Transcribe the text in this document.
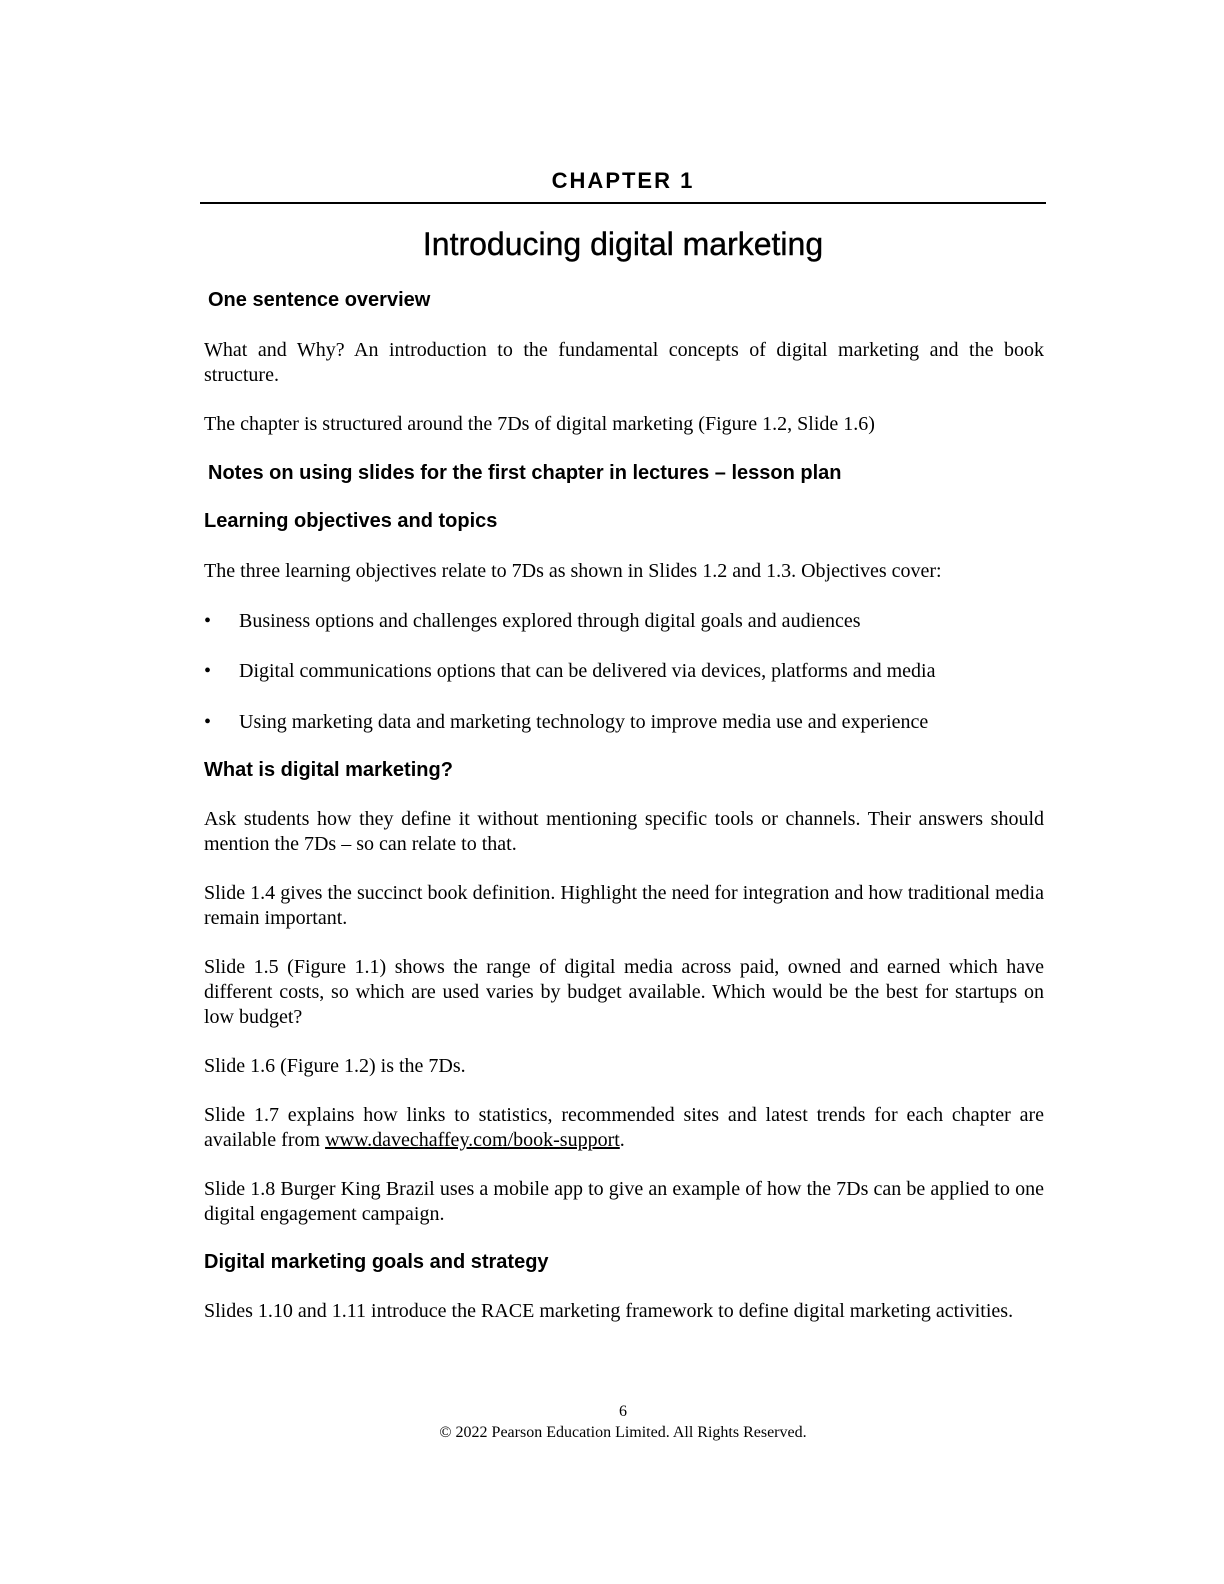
CHAPTER 1
Introducing digital marketing
One sentence overview
What and Why? An introduction to the fundamental concepts of digital marketing and the book structure.
The chapter is structured around the 7Ds of digital marketing (Figure 1.2, Slide 1.6)
Notes on using slides for the first chapter in lectures – lesson plan
Learning objectives and topics
The three learning objectives relate to 7Ds as shown in Slides 1.2 and 1.3. Objectives cover:
• Business options and challenges explored through digital goals and audiences
• Digital communications options that can be delivered via devices, platforms and media
• Using marketing data and marketing technology to improve media use and experience
What is digital marketing?
Ask students how they define it without mentioning specific tools or channels. Their answers should mention the 7Ds – so can relate to that.
Slide 1.4 gives the succinct book definition. Highlight the need for integration and how traditional media remain important.
Slide 1.5 (Figure 1.1) shows the range of digital media across paid, owned and earned which have different costs, so which are used varies by budget available. Which would be the best for startups on low budget?
Slide 1.6 (Figure 1.2) is the 7Ds.
Slide 1.7 explains how links to statistics, recommended sites and latest trends for each chapter are available from www.davechaffey.com/book-support.
Slide 1.8 Burger King Brazil uses a mobile app to give an example of how the 7Ds can be applied to one digital engagement campaign.
Digital marketing goals and strategy
Slides 1.10 and 1.11 introduce the RACE marketing framework to define digital marketing activities.
6
© 2022 Pearson Education Limited. All Rights Reserved.
